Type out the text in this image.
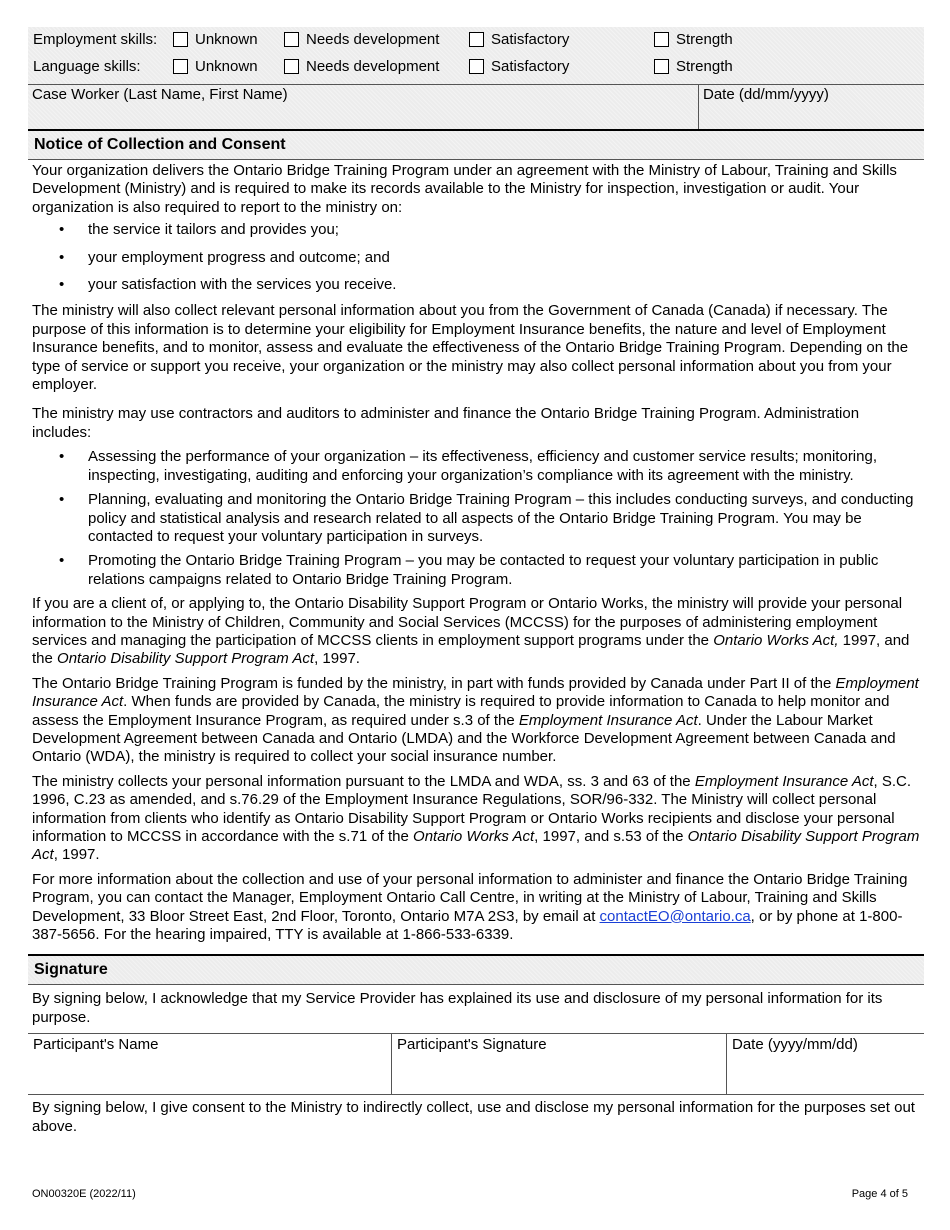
Employment skills:	Unknown	Needs development	Satisfactory	Strength
Language skills:	Unknown	Needs development	Satisfactory	Strength
Case Worker (Last Name, First Name)	Date (dd/mm/yyyy)
Notice of Collection and Consent

Your organization delivers the Ontario Bridge Training Program under an agreement with the Ministry of Labour, Training and Skills Development (Ministry) and is required to make its records available to the Ministry for inspection, investigation or audit. Your organization is also required to report to the ministry on:

• the service it tailors and provides you;
• your employment progress and outcome; and
• your satisfaction with the services you receive.

The ministry will also collect relevant personal information about you from the Government of Canada (Canada) if necessary. The purpose of this information is to determine your eligibility for Employment Insurance benefits, the nature and level of Employment Insurance benefits, and to monitor, assess and evaluate the effectiveness of the Ontario Bridge Training Program. Depending on the type of service or support you receive, your organization or the ministry may also collect personal information about you from your employer.

The ministry may use contractors and auditors to administer and finance the Ontario Bridge Training Program. Administration includes:

• Assessing the performance of your organization – its effectiveness, efficiency and customer service results; monitoring, inspecting, investigating, auditing and enforcing your organization’s compliance with its agreement with the ministry.
• Planning, evaluating and monitoring the Ontario Bridge Training Program – this includes conducting surveys, and conducting policy and statistical analysis and research related to all aspects of the Ontario Bridge Training Program. You may be contacted to request your voluntary participation in surveys.
• Promoting the Ontario Bridge Training Program – you may be contacted to request your voluntary participation in public relations campaigns related to Ontario Bridge Training Program.

If you are a client of, or applying to, the Ontario Disability Support Program or Ontario Works, the ministry will provide your personal information to the Ministry of Children, Community and Social Services (MCCSS) for the purposes of administering employment services and managing the participation of MCCSS clients in employment support programs under the Ontario Works Act, 1997, and the Ontario Disability Support Program Act, 1997.

The Ontario Bridge Training Program is funded by the ministry, in part with funds provided by Canada under Part II of the Employment Insurance Act. When funds are provided by Canada, the ministry is required to provide information to Canada to help monitor and assess the Employment Insurance Program, as required under s.3 of the Employment Insurance Act. Under the Labour Market Development Agreement between Canada and Ontario (LMDA) and the Workforce Development Agreement between Canada and Ontario (WDA), the ministry is required to collect your social insurance number.

The ministry collects your personal information pursuant to the LMDA and WDA, ss. 3 and 63 of the Employment Insurance Act, S.C. 1996, C.23 as amended, and s.76.29 of the Employment Insurance Regulations, SOR/96-332. The Ministry will collect personal information from clients who identify as Ontario Disability Support Program or Ontario Works recipients and disclose your personal information to MCCSS in accordance with the s.71 of the Ontario Works Act, 1997, and s.53 of the Ontario Disability Support Program Act, 1997.

For more information about the collection and use of your personal information to administer and finance the Ontario Bridge Training Program, you can contact the Manager, Employment Ontario Call Centre, in writing at the Ministry of Labour, Training and Skills Development, 33 Bloor Street East, 2nd Floor, Toronto, Ontario M7A 2S3, by email at contactEO@ontario.ca, or by phone at 1-800-387-5656. For the hearing impaired, TTY is available at 1-866-533-6339.

Signature

By signing below, I acknowledge that my Service Provider has explained its use and disclosure of my personal information for its purpose.

Participant's Name	Participant's Signature	Date (yyyy/mm/dd)

By signing below, I give consent to the Ministry to indirectly collect, use and disclose my personal information for the purposes set out above.

ON00320E (2022/11)	Page 4 of 5
